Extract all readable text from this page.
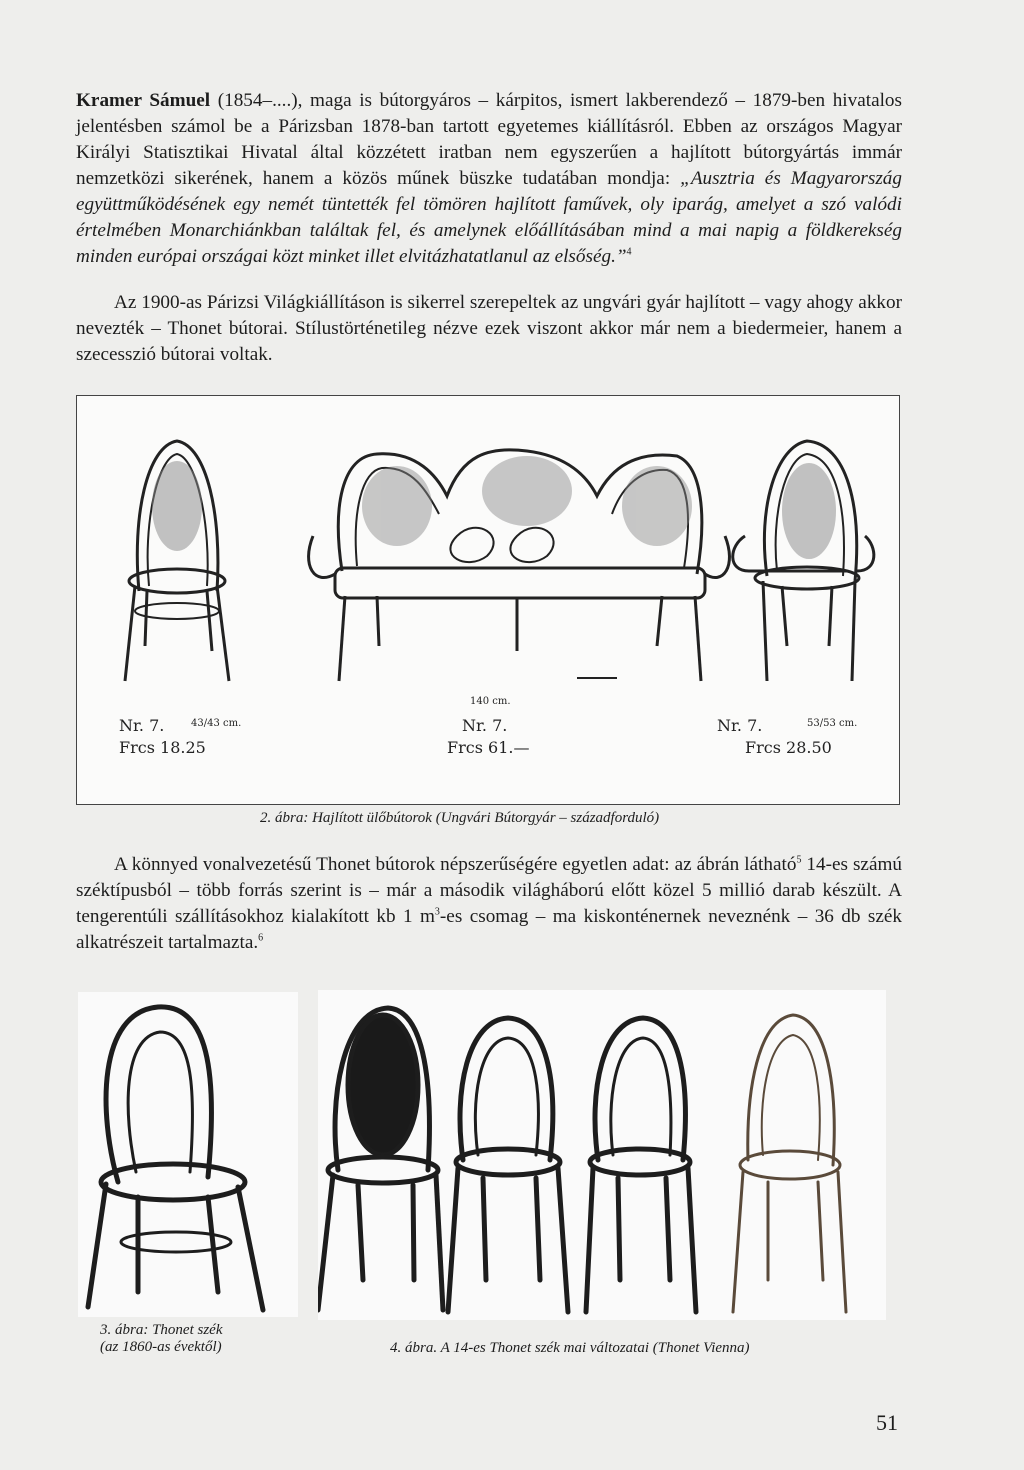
Kramer Sámuel (1854–....), maga is bútorgyáros – kárpitos, ismert lakberendező – 1879-ben hivatalos jelentésben számol be a Párizsban 1878-ban tartott egyetemes kiállításról. Ebben az országos Magyar Királyi Statisztikai Hivatal által közzétett iratban nem egyszerűen a hajlított bútorgyártás immár nemzetközi sikerének, hanem a közös műnek büszke tudatában mondja: „Ausztria és Magyarország együttműködésének egy nemét tüntették fel tömören hajlított faművek, oly iparág, amelyet a szó valódi értelmében Monarchiánkban találtak fel, és amelynek előállításában mind a mai napig a földkerekség minden európai országai közt minket illet elvitázhatatlanul az elsőség.”$^4$

Az 1900-as Párizsi Világkiállításon is sikerrel szerepeltek az ungvári gyár hajlított – vagy ahogy akkor nevezték – Thonet bútorai. Stílustörténetileg nézve ezek viszont akkor már nem a biedermeier, hanem a szecesszió bútorai voltak.

Nr. 7.	43/43 cm.
Frcs 18.25
140 cm.
Nr. 7.
Frcs 61.—
Nr. 7.	53/53 cm.
Frcs 28.50
2. ábra: Hajlított ülőbútorok (Ungvári Bútorgyár – századforduló)

A könnyed vonalvezetésű Thonet bútorok népszerűségére egyetlen adat: az ábrán látható$^5$ 14-es számú széktípusból – több forrás szerint is – már a második világháború előtt közel 5 millió darab készült. A tengerentúli szállításokhoz kialakított kb 1 $m^3-es$ csomag – ma kiskonténernek neveznénk – 36 db szék alkatrészeit tartalmazta.$^6$

3. ábra: Thonet szék
(az 1860-as évektől)	4. ábra. A 14-es Thonet szék mai változatai (Thonet Vienna)
51
